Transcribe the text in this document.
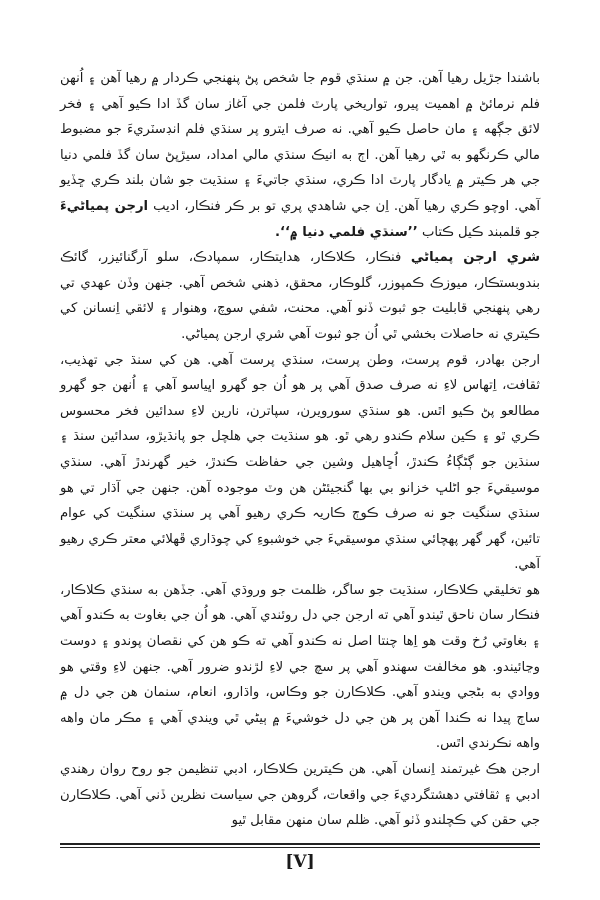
باشندا جڙيل رهيا آهن. جن ۾ سنڌي قوم جا شخص پڻ پنهنجي ڪردار ۾ رهيا آهن ۽ اُنهن فلم نرمائڻ ۾ اهميت پيرو، تواريخي پارٽ فلمن جي آغاز سان گڏ ادا ڪيو آهي ۽ فخر لائق جڳهه ۽ مان حاصل ڪيو آهي. نه صرف ايترو پر سنڌي فلم انڊسٽريءَ جو مضبوط مالي ڪرنگهو به ٿي رهيا آهن. اڄ به انيڪ سنڌي مالي امداد، سيڙپڻ سان گڏ فلمي دنيا جي هر ڪيتر ۾ يادگار پارٽ ادا ڪري، سنڌي جاتيءَ ۽ سنڌيت جو شان بلند ڪري ڇڏيو آهي. اوچو ڪري رهيا آهن. اِن جي شاهدي پري تو بر ڪر فنڪار، اديب ارجن پمياڻيءَ جو قلمبند ڪيل ڪتاب ’’سنڌي فلمي دنيا ۾‘‘.

شري ارجن پمياڻي فنڪار، ڪلاڪار، هدايتڪار، سمپادڪ، سلو آرگنائيزر، گائڪ بندوبستڪار، ميوزڪ ڪمپوزر، گلوڪار، محقق، ذهني شخص آهي. جنهن وڏن عهدي تي رهي پنهنجي قابليت جو ثبوت ڏنو آهي. محنت، شفي سوچ، وهنوار ۽ لائقي اِنسانن کي ڪيتري نه حاصلات بخشي ٿي اُن جو ثبوت آهي شري ارجن پمياڻي.

ارجن بهادر، قوم پرست، وطن پرست، سنڌي پرست آهي. هن کي سنڌ جي تهذيب، ثقافت، اِتهاس لاءِ نه صرف صدق آهي پر هو اُن جو گهرو اڀياسو آهي ۽ اُنهن جو گهرو مطالعو پڻ ڪيو اٿس. هو سنڌي سورويرن، سپاترن، نارين لاءِ سدائين فخر محسوس ڪري ٿو ۽ ڪين سلام ڪندو رهي ٿو. هو سنڌيت جي هلچل جو پانڌيڙو، سدائين سنڌ ۽ سنڌين جو ڳڻڳاءُ ڪندڙ، اُڇاهيل وشين جي حفاظت ڪندڙ، خير گهرندڙ آهي. سنڌي موسيقيءَ جو اڻلڀ خزانو بي بها گنجيئڻن هن وٽ موجوده آهن. جنهن جي آڌار تي هو سنڌي سنگيت جو نه صرف ڪوڄ ڪاريہ ڪري رهيو آهي پر سنڌي سنگيت کي عوام تائين، گهر گهر پهچائي سنڌي موسيقيءَ جي خوشبوءِ کي چوڌاري ڦهلائي معتر ڪري رهيو آهي.

هو تخليقي ڪلاڪار، سنڌيت جو ساگر، ظلمت جو وروڌي آهي. جڏهن به سنڌي ڪلاڪار، فنڪار سان ناحق ٿيندو آهي ته ارجن جي دل روئندي آهي. هو اُن جي بغاوت به ڪندو آهي ۽ بغاوتي رُخ وقت هو اِها چنتا اصل نه ڪندو آهي ته ڪو هن کي نقصان پوندو ۽ دوست وڃائيندو. هو مخالفت سهندو آهي پر سچ جي لاءِ لڙندو ضرور آهي. جنهن لاءِ وقتي هو ووادي به بڻجي ويندو آهي. ڪلاڪارن جو وڪاس، واڌارو، انعام، سنمان هن جي دل ۾ ساڄ پيدا نه ڪندا آهن پر هن جي دل خوشيءَ ۾ ٻيڻي ٿي ويندي آهي ۽ مڪر مان واهه واهه نڪرندي اٿس.

ارجن هڪ غيرتمند اِنسان آهي. هن ڪيترين ڪلاڪار، ادبي تنظيمن جو روح روان رهندي ادبي ۽ ثقافتي دهشتگرديءَ جي واقعات، گروهن جي سياست نظرين ڏني آهي. ڪلاڪارن جي حقن کي ڪچلندو ڏٺو آهي. ظلم سان منهن مقابل ٿيو

[V]
